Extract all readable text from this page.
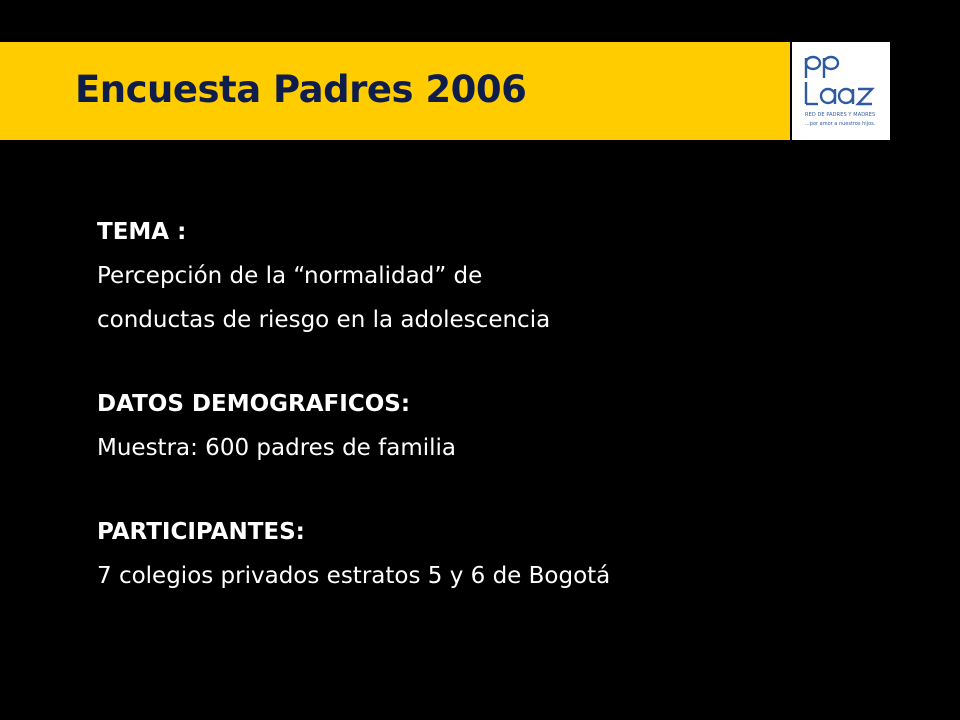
Encuesta Padres 2006
RED DE PADRES Y MADRES
...por amor a nuestros hijos.

TEMA :

Percepción de la “normalidad” de

conductas de riesgo en la adolescencia

DATOS DEMOGRAFICOS:

Muestra: 600 padres de familia

PARTICIPANTES:

7 colegios privados estratos 5 y 6 de Bogotá
